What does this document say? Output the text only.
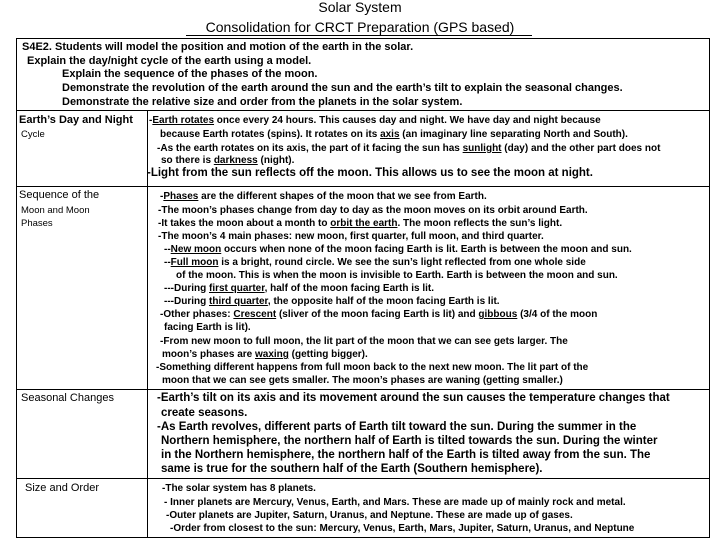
Solar System
Consolidation for CRCT Preparation (GPS based)
S4E2. Students will model the position and motion of the earth in the solar.
Explain the day/night cycle of the earth using a model.
Explain the sequence of the phases of the moon.
Demonstrate the revolution of the earth around the sun and the earth’s tilt to explain the seasonal changes.
Demonstrate the relative size and order from the planets in the solar system.
Earth’s Day and Night
Cycle
-Earth rotates once every 24 hours. This causes day and night. We have day and night because
because Earth rotates (spins). It rotates on its axis (an imaginary line separating North and South).
-As the earth rotates on its axis, the part of it facing the sun has sunlight (day) and the other part does not
so there is darkness (night).
-Light from the sun reflects off the moon. This allows us to see the moon at night.
Sequence of the
Moon and Moon
Phases
-Phases are the different shapes of the moon that we see from Earth.
-The moon’s phases change from day to day as the moon moves on its orbit around Earth.
-It takes the moon about a month to orbit the earth. The moon reflects the sun’s light.
-The moon’s 4 main phases: new moon, first quarter, full moon, and third quarter.
--New moon occurs when none of the moon facing Earth is lit. Earth is between the moon and sun.
--Full moon is a bright, round circle. We see the sun’s light reflected from one whole side
of the moon. This is when the moon is invisible to Earth. Earth is between the moon and sun.
---During first quarter, half of the moon facing Earth is lit.
---During third quarter, the opposite half of the moon facing Earth is lit.
-Other phases: Crescent (sliver of the moon facing Earth is lit) and gibbous (3/4 of the moon
facing Earth is lit).
-From new moon to full moon, the lit part of the moon that we can see gets larger. The
moon’s phases are waxing (getting bigger).
-Something different happens from full moon back to the next new moon. The lit part of the
moon that we can see gets smaller. The moon’s phases are waning (getting smaller.)
Seasonal Changes	-Earth’s tilt on its axis and its movement around the sun causes the temperature changes that
create seasons.
-As Earth revolves, different parts of Earth tilt toward the sun. During the summer in the
Northern hemisphere, the northern half of Earth is tilted towards the sun. During the winter
in the Northern hemisphere, the northern half of the Earth is tilted away from the sun. The
same is true for the southern half of the Earth (Southern hemisphere).
Size and Order	-The solar system has 8 planets.
- Inner planets are Mercury, Venus, Earth, and Mars. These are made up of mainly rock and metal.
-Outer planets are Jupiter, Saturn, Uranus, and Neptune. These are made up of gases.
-Order from closest to the sun: Mercury, Venus, Earth, Mars, Jupiter, Saturn, Uranus, and Neptune
